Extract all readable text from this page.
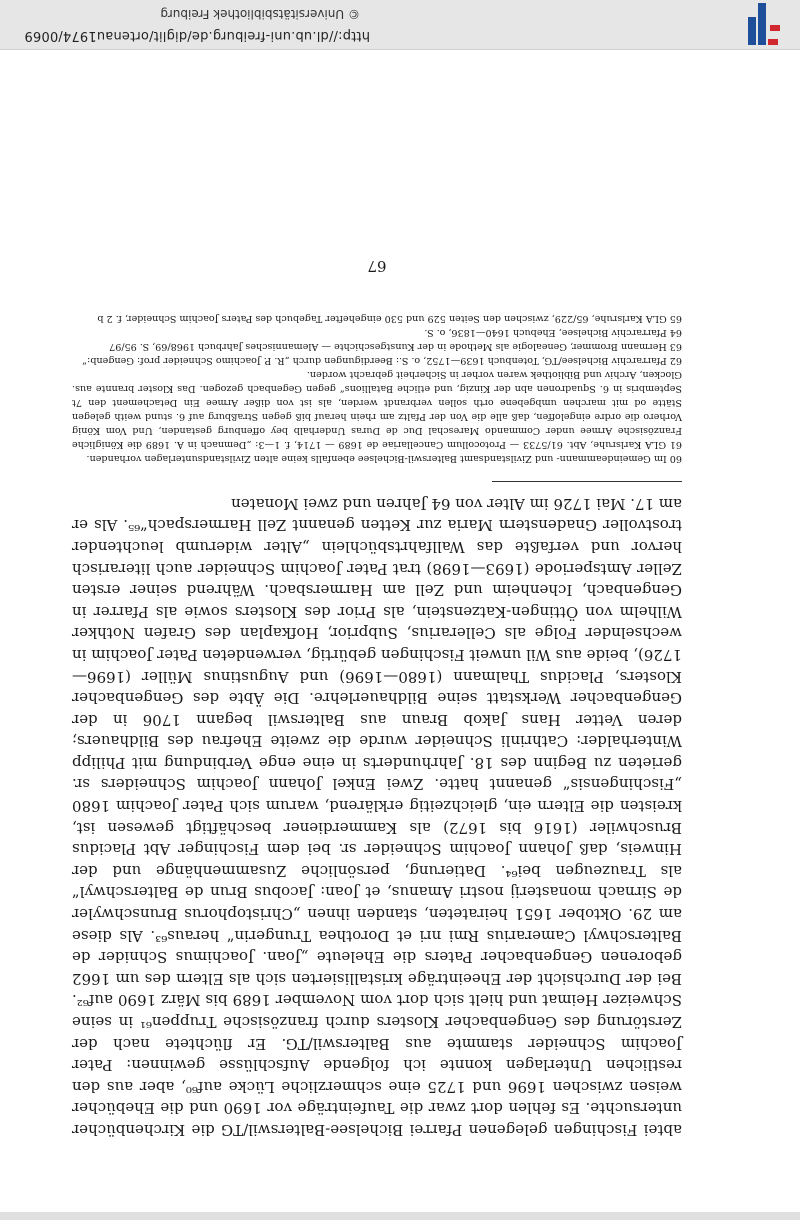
abtei Fischingen gelegenen Pfarrei Bichelsee-Balterswil/TG die Kirchenbücher untersuchte. Es fehlen dort zwar die Taufeinträge vor 1690 und die Ehebücher weisen zwischen 1696 und 1725 eine schmerzliche Lücke auf⁶⁰, aber aus den restlichen Unterlagen konnte ich folgende Aufschlüsse gewinnen: Pater Joachim Schneider stammte aus Balterswil/TG. Er flüchtete nach der Zerstörung des Gengenbacher Klosters durch französische Truppen⁶¹ in seine Schweizer Heimat und hielt sich dort vom November 1689 bis März 1690 auf⁶². Bei der Durchsicht der Eheeinträge kristallisierten sich als Eltern des um 1662 geborenen Gengenbacher Paters die Eheleute „Joan. Joachimus Schnider de Balterschwyl Camerarius Rmi nri et Dorothea Trungerin“ heraus⁶³. Als diese am 29. Oktober 1651 heirateten, standen ihnen „Christophorus Brunschwyler de Sirnach monasterij nostri Amanus, et Joan: Jacobus Brun de Balterschwyl“ als Trauzeugen bei⁶⁴. Datierung, persönliche Zusammenhänge und der Hinweis, daß Johann Joachim Schneider sr. bei dem Fischinger Abt Placidus Bruschwiler (1616 bis 1672) als Kammerdiener beschäftigt gewesen ist, kreisten die Eltern ein, gleichzeitig erklärend, warum sich Pater Joachim 1680 „Fischingensis“ genannt hatte. Zwei Enkel Johann Joachim Schneiders sr. gerieten zu Beginn des 18. Jahrhunderts in eine enge Verbindung mit Philipp Winterhalder: Cathrinli Schneider wurde die zweite Ehefrau des Bildhauers; deren Vetter Hans Jakob Braun aus Balterswil begann 1706 in der Gengenbacher Werkstatt seine Bildhauerlehre. Die Äbte des Gengenbacher Klosters, Placidus Thalmann (1680—1696) und Augustinus Müller (1696—1726), beide aus Wil unweit Fischingen gebürtig, verwendeten Pater Joachim in wechselnder Folge als Cellerarius, Subprior, Hofkaplan des Grafen Nothker Wilhelm von Öttingen-Katzenstein, als Prior des Klosters sowie als Pfarrer in Gengenbach, Ichenheim und Zell am Harmersbach. Während seiner ersten Zeller Amtsperiode (1693—1698) trat Pater Joachim Schneider auch literarisch hervor und verfaßte das Wallfahrtsbüchlein „Alter widerumb leuchtender trostvoller Gnadenstern Maria zur Ketten genannt Zell Harmerspach“⁶⁵. Als er am 17. Mai 1726 im Alter von 64 Jahren und zwei Monaten

60 Im Gemeindeammann- und Zivilstandsamt Balterswil-Bichelsee ebenfalls keine alten Zivilstandsunterlagen vorhanden.

61 GLA Karlsruhe, Abt. 61/5733 — Protocollum Cancellariae de 1689 — 1714, f. 1—3: „Demnach in A. 1689 die Königliche Französische Armee under Commando Mareschal Duc de Duras Underhalb bey offenburg gestanden, Und Vom König Vorhero die ordre eingeloffen, daß alle die Von der Pfaltz am rhein herauf biß gegen Straßburg auf 6. stund weith gelegen Stätte od mit marchen umbgebene orth sollen verbrandt werden, als ist von dißer Armee Ein Detachement den 7t Septembris in 6. Squadronen abn der Kinzig, und etliche Batallions“ gegen Gegenbach gezogen. Das Kloster brannte aus. Glocken, Archiv und Bibliothek waren vorher in Sicherheit gebracht worden.

62 Pfarrarchiv Bichelsee/TG, Totenbuch 1639—1752, o. S.: Beerdigungen durch „R. P. Joachimo Schneider prof: Gengenb:“

63 Hermann Brommer, Genealogie als Methode in der Kunstgeschichte — Alemannisches Jahrbuch 1968/69, S. 95/97

64 Pfarrarchiv Bichelsee, Ehebuch 1640—1836, o. S.

65 GLA Karlsruhe, 65/229, zwischen den Seiten 529 und 530 eingehefter Tagebuch des Paters Joachim Schneider, f. 2 b

67
http://dl.ub.uni-freiburg.de/diglit/ortenau1974/0069
© Universitätsbibliothek Freiburg
